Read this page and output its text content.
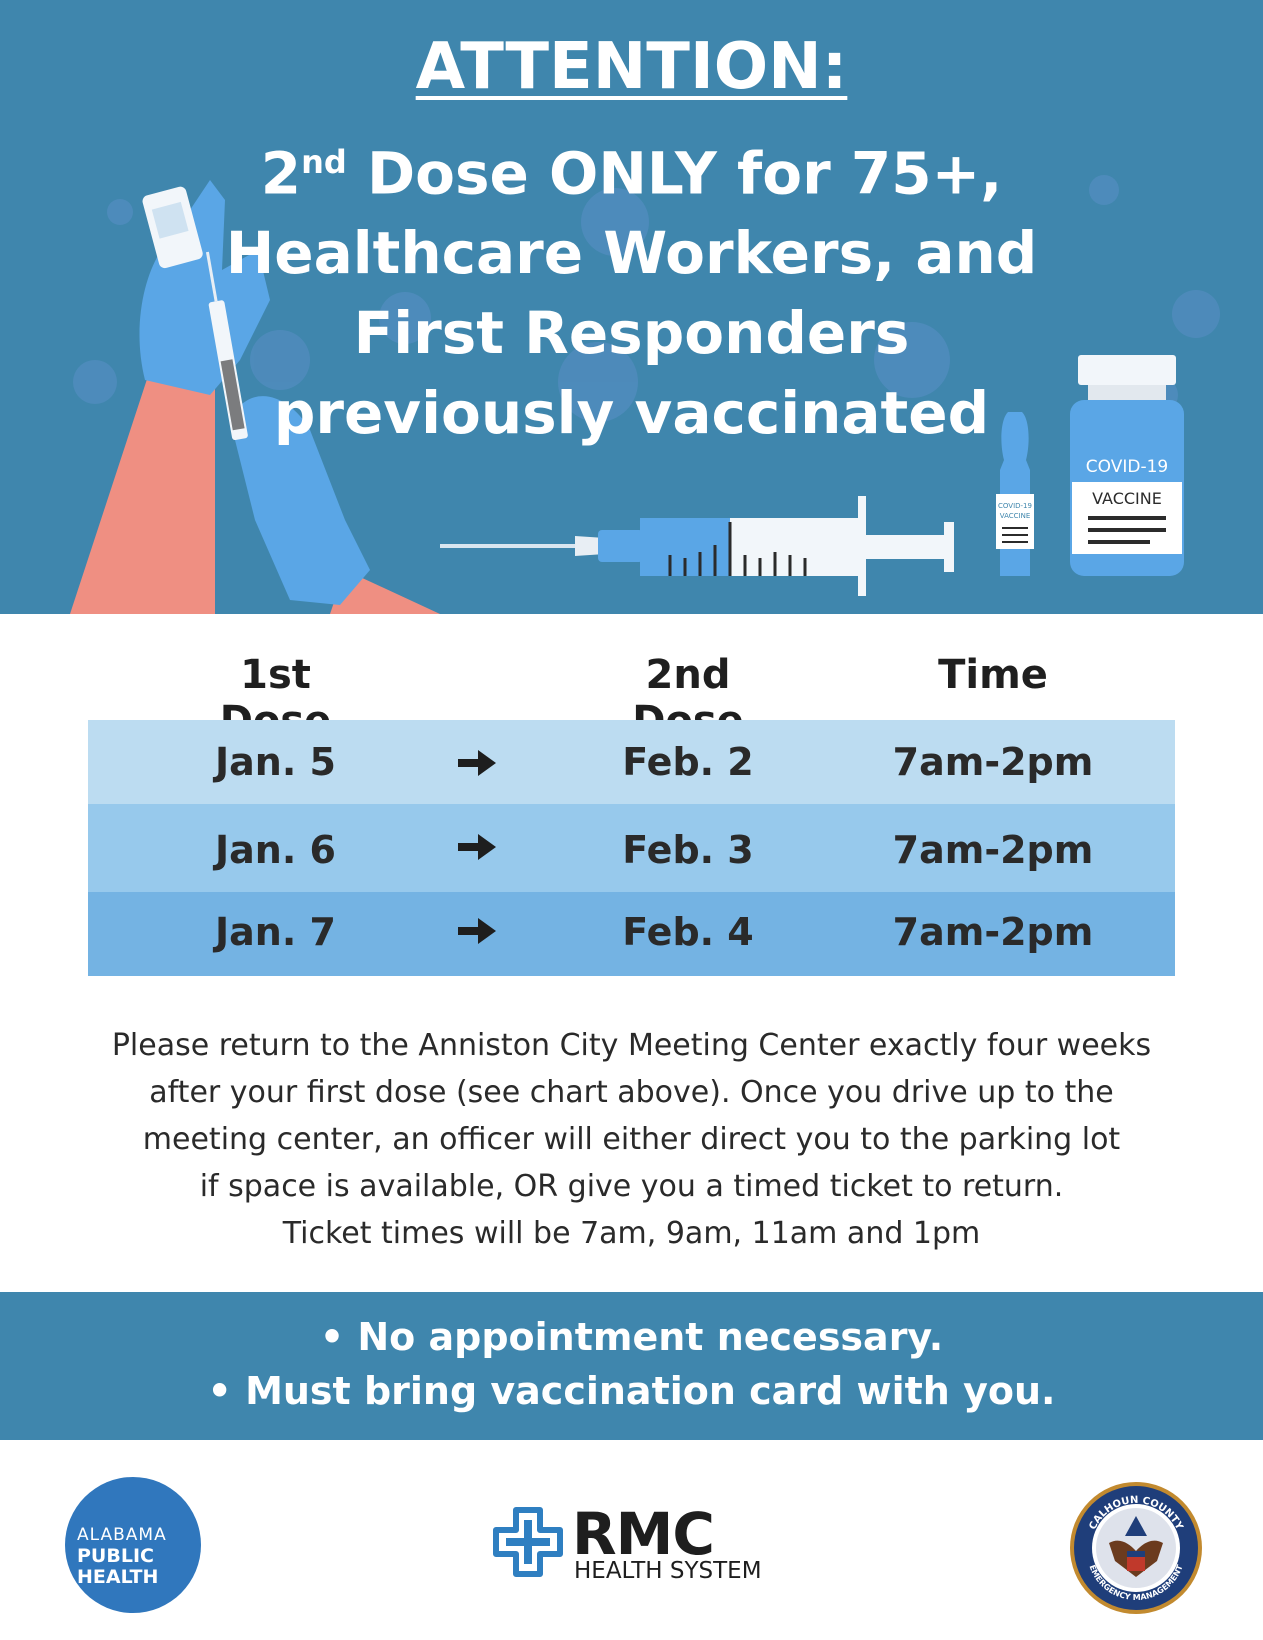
COVID-19
VACCINE
COVID-19
VACCINE
ATTENTION:
2nd Dose ONLY for 75+,
Healthcare Workers, and
First Responders
previously vaccinated
1st	2nd	Time
Jan. 5	Feb. 2	7am-2pm
Jan. 6	Feb. 3	7am-2pm
Jan. 7	Feb. 4	7am-2pm
Please return to the Anniston City Meeting Center exactly four weeks
after your first dose (see chart above). Once you drive up to the
meeting center, an officer will either direct you to the parking lot
if space is available, OR give you a timed ticket to return.
Ticket times will be 7am, 9am, 11am and 1pm
• No appointment necessary.
• Must bring vaccination card with you.
ALABAMA
PUBLIC
HEALTH
RMC
HEALTH SYSTEM
CALHOUN COUNTY
EMERGENCY MANAGEMENT
